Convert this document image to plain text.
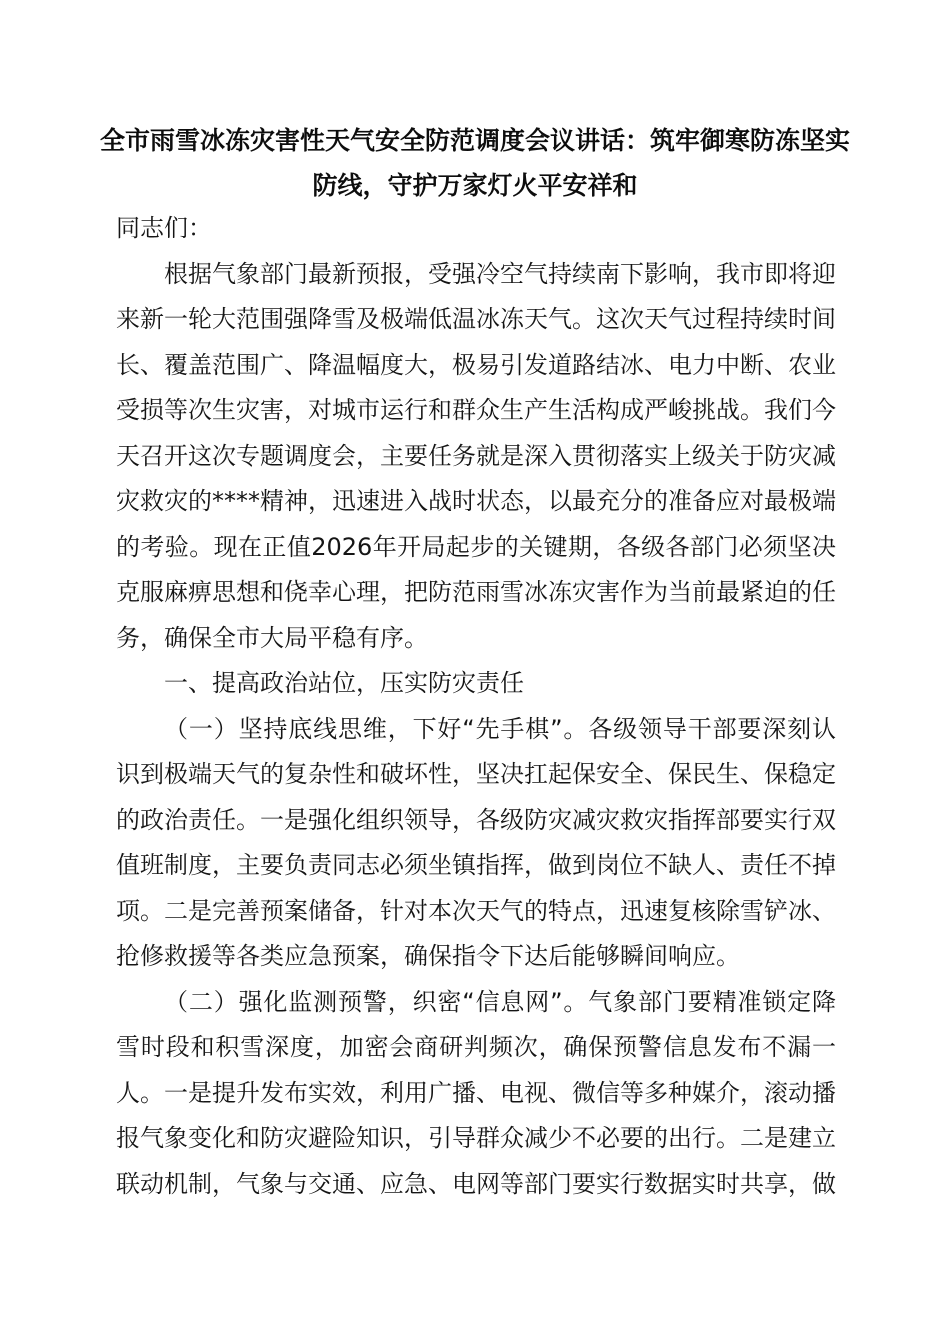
全市雨雪冰冻灾害性天气安全防范调度会议讲话：筑牢御寒防冻坚实防线，守护万家灯火平安祥和

同志们：

根据气象部门最新预报，受强冷空气持续南下影响，我市即将迎来新一轮大范围强降雪及极端低温冰冻天气。这次天气过程持续时间长、覆盖范围广、降温幅度大，极易引发道路结冰、电力中断、农业受损等次生灾害，对城市运行和群众生产生活构成严峻挑战。我们今天召开这次专题调度会，主要任务就是深入贯彻落实上级关于防灾减灾救灾的****精神，迅速进入战时状态，以最充分的准备应对最极端的考验。现在正值2026年开局起步的关键期，各级各部门必须坚决克服麻痹思想和侥幸心理，把防范雨雪冰冻灾害作为当前最紧迫的任务，确保全市大局平稳有序。

一、提高政治站位，压实防灾责任

（一）坚持底线思维，下好“先手棋”。各级领导干部要深刻认识到极端天气的复杂性和破坏性，坚决扛起保安全、保民生、保稳定的政治责任。一是强化组织领导，各级防灾减灾救灾指挥部要实行双值班制度，主要负责同志必须坐镇指挥，做到岗位不缺人、责任不掉项。二是完善预案储备，针对本次天气的特点，迅速复核除雪铲冰、抢修救援等各类应急预案，确保指令下达后能够瞬间响应。

（二）强化监测预警，织密“信息网”。气象部门要精准锁定降雪时段和积雪深度，加密会商研判频次，确保预警信息发布不漏一人。一是提升发布实效，利用广播、电视、微信等多种媒介，滚动播报气象变化和防灾避险知识，引导群众减少不必要的出行。二是建立联动机制，气象与交通、应急、电网等部门要实行数据实时共享，做
